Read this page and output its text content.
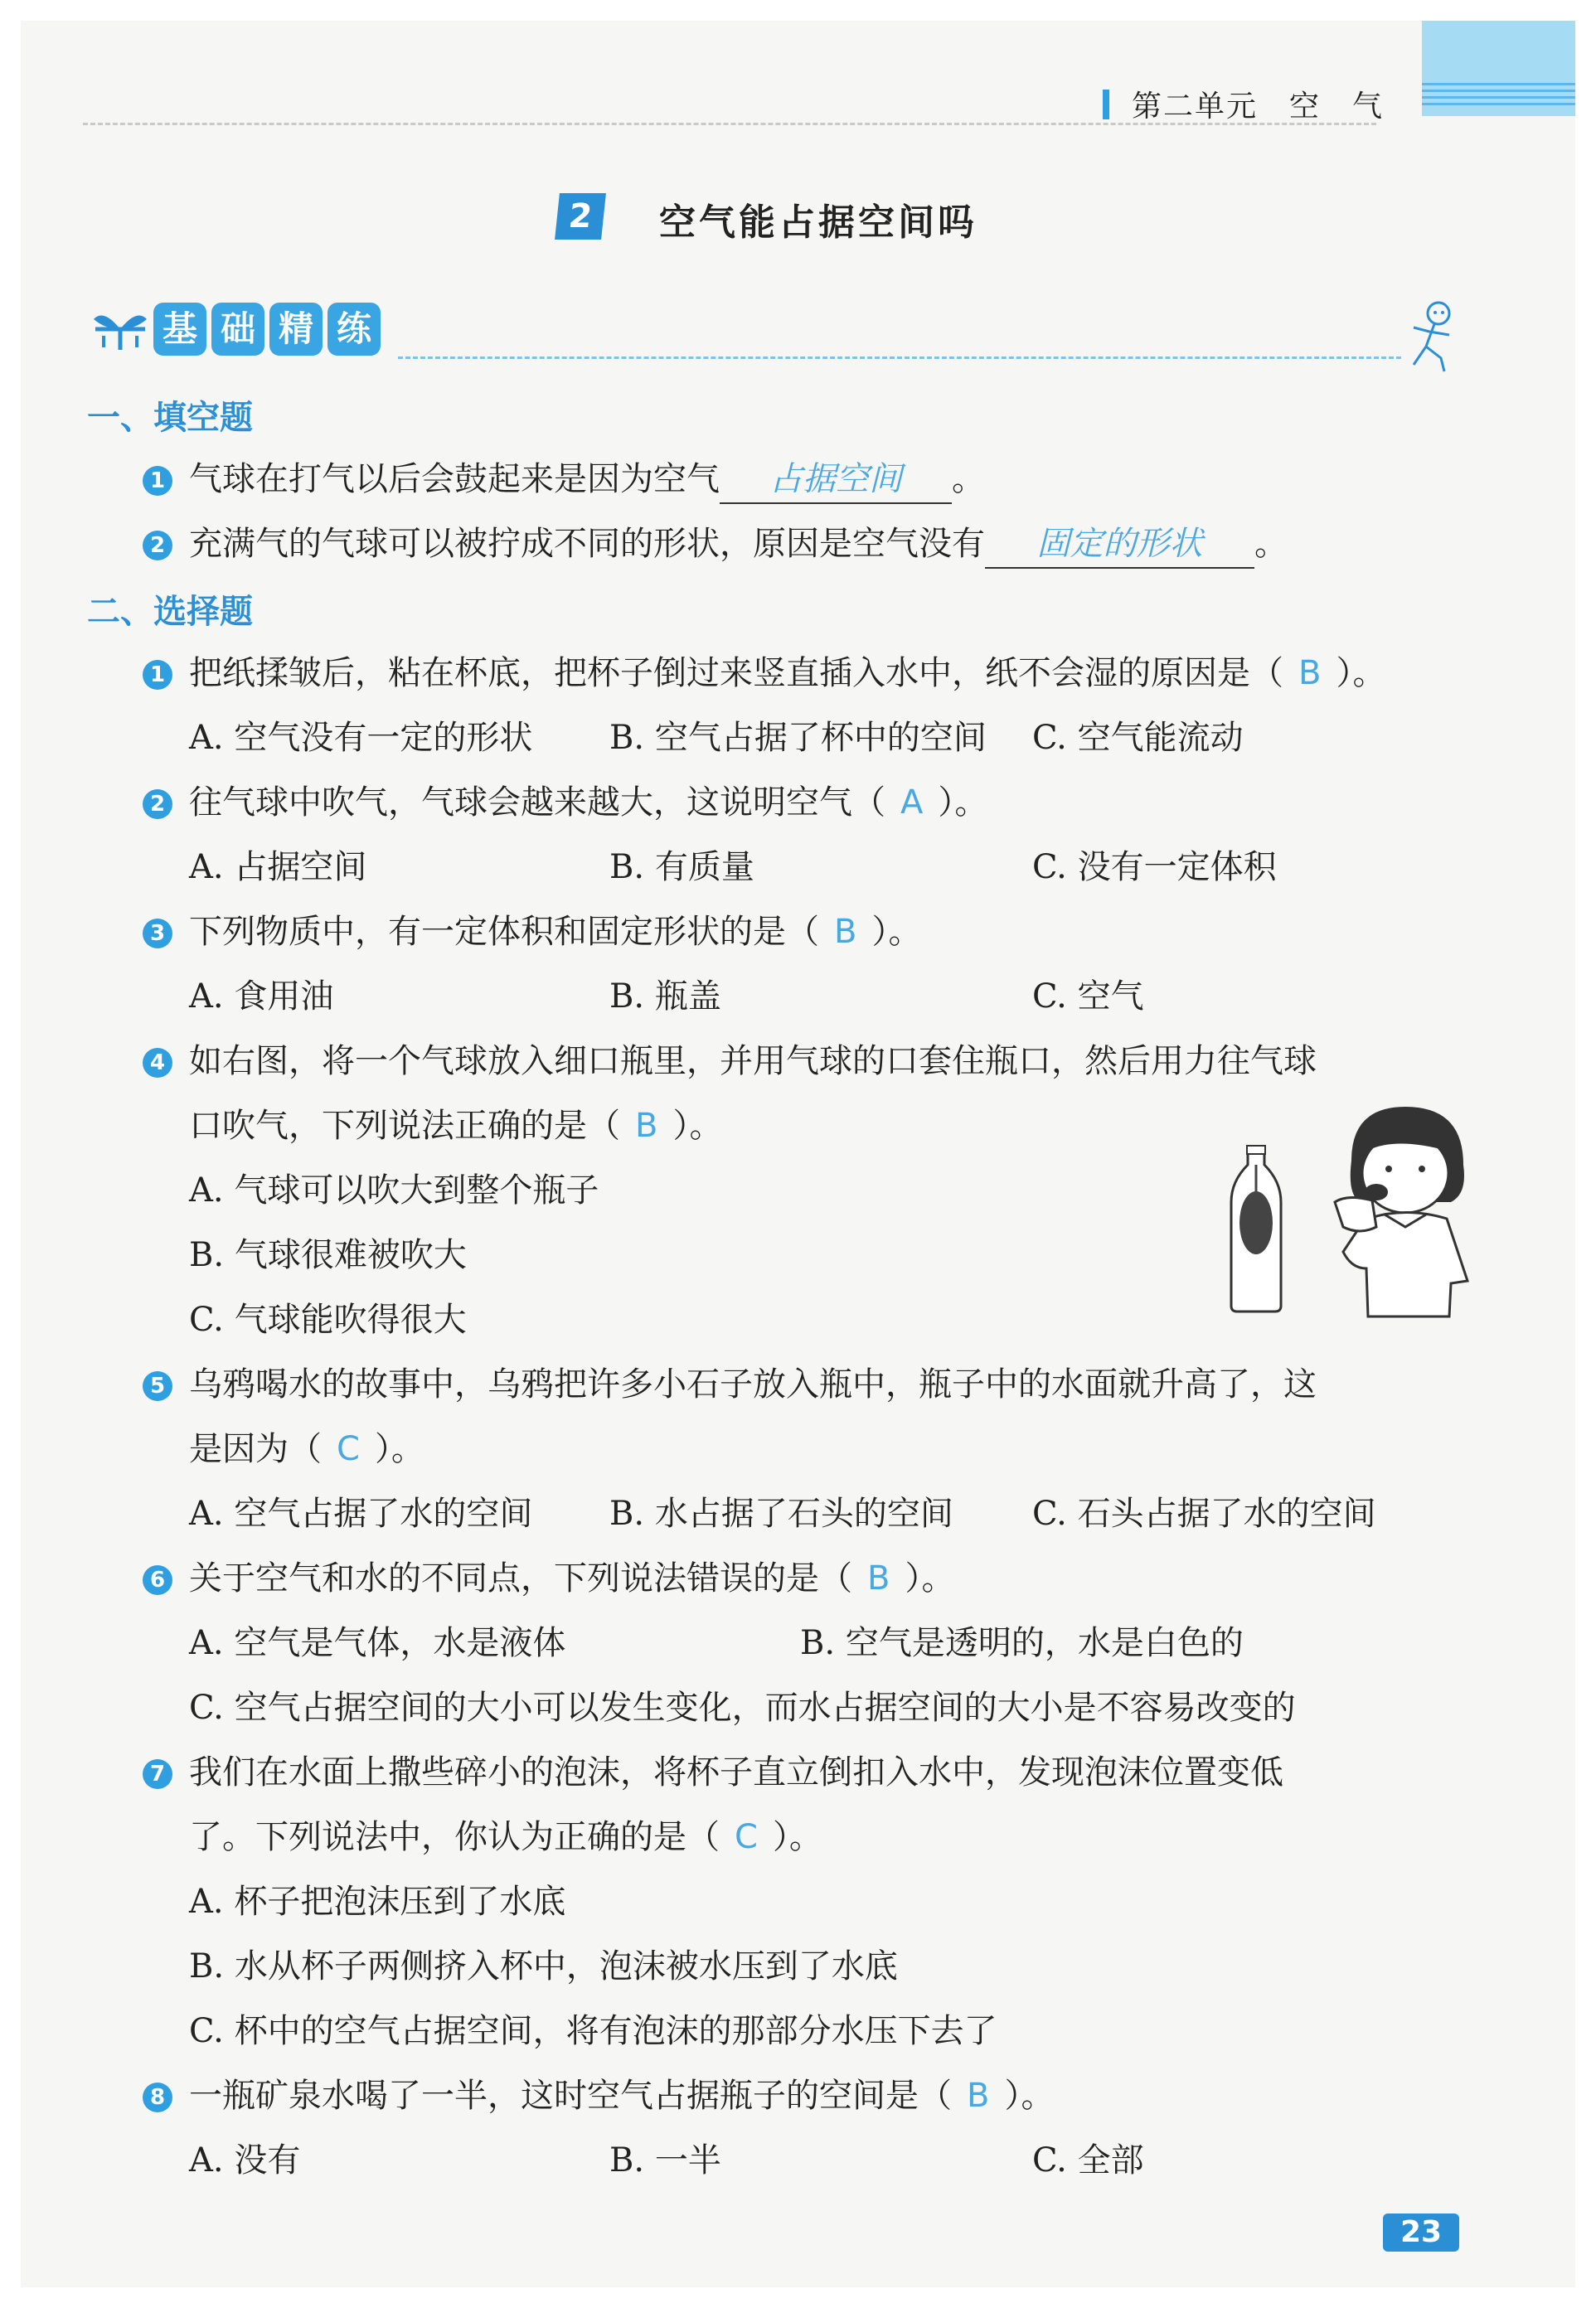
第二单元　空　气
2	空气能占据空间吗
基 础 精 练
一、填空题
1 气球在打气以后会鼓起来是因为空气 占据空间 。
2 充满气的气球可以被拧成不同的形状，原因是空气没有 固定的形状 。
二、选择题
1 把纸揉皱后，粘在杯底，把杯子倒过来竖直插入水中，纸不会湿的原因是（ B ）。
A. 空气没有一定的形状 B. 空气占据了杯中的空间 C. 空气能流动
2 往气球中吹气，气球会越来越大，这说明空气（ A ）。
A. 占据空间	B. 有质量	C. 没有一定体积
3 下列物质中，有一定体积和固定形状的是（ B ）。
A. 食用油	B. 瓶盖	C. 空气
4 如右图，将一个气球放入细口瓶里，并用气球的口套住瓶口，然后用力往气球
口吹气，下列说法正确的是（ B ）。
A. 气球可以吹大到整个瓶子
B. 气球很难被吹大
C. 气球能吹得很大
5 乌鸦喝水的故事中，乌鸦把许多小石子放入瓶中，瓶子中的水面就升高了，这
是因为（ C ）。
A. 空气占据了水的空间 B. 水占据了石头的空间 C. 石头占据了水的空间
6 关于空气和水的不同点，下列说法错误的是（ B ）。
A. 空气是气体，水是液体	B. 空气是透明的，水是白色的
C. 空气占据空间的大小可以发生变化，而水占据空间的大小是不容易改变的
7 我们在水面上撒些碎小的泡沫，将杯子直立倒扣入水中，发现泡沫位置变低
了。下列说法中，你认为正确的是（ C ）。
A. 杯子把泡沫压到了水底
B. 水从杯子两侧挤入杯中，泡沫被水压到了水底
C. 杯中的空气占据空间，将有泡沫的那部分水压下去了
8 一瓶矿泉水喝了一半，这时空气占据瓶子的空间是（ B ）。
A. 没有	B. 一半	C. 全部
23
